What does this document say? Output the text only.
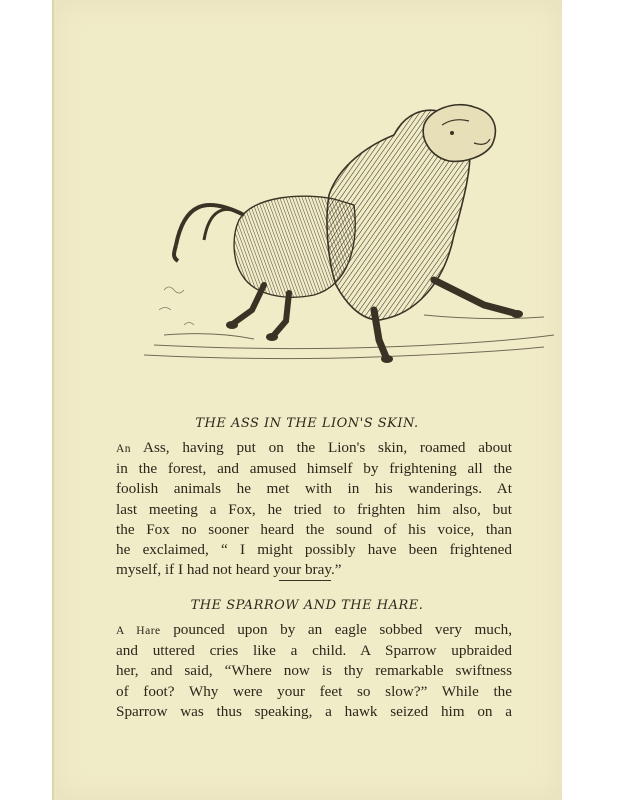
THE ASS IN THE LION'S SKIN.

An Ass, having put on the Lion's skin, roamed about
in the forest, and amused himself by frightening all the
foolish animals he met with in his wanderings. At
last meeting a Fox, he tried to frighten him also, but
the Fox no sooner heard the sound of his voice, than
he exclaimed, “ I might possibly have been frightened
myself, if I had not heard your bray.”

THE SPARROW AND THE HARE.

A Hare pounced upon by an eagle sobbed very much,
and uttered cries like a child. A Sparrow upbraided
her, and said, “Where now is thy remarkable swiftness
of foot? Why were your feet so slow?” While the
Sparrow was thus speaking, a hawk seized him on a
